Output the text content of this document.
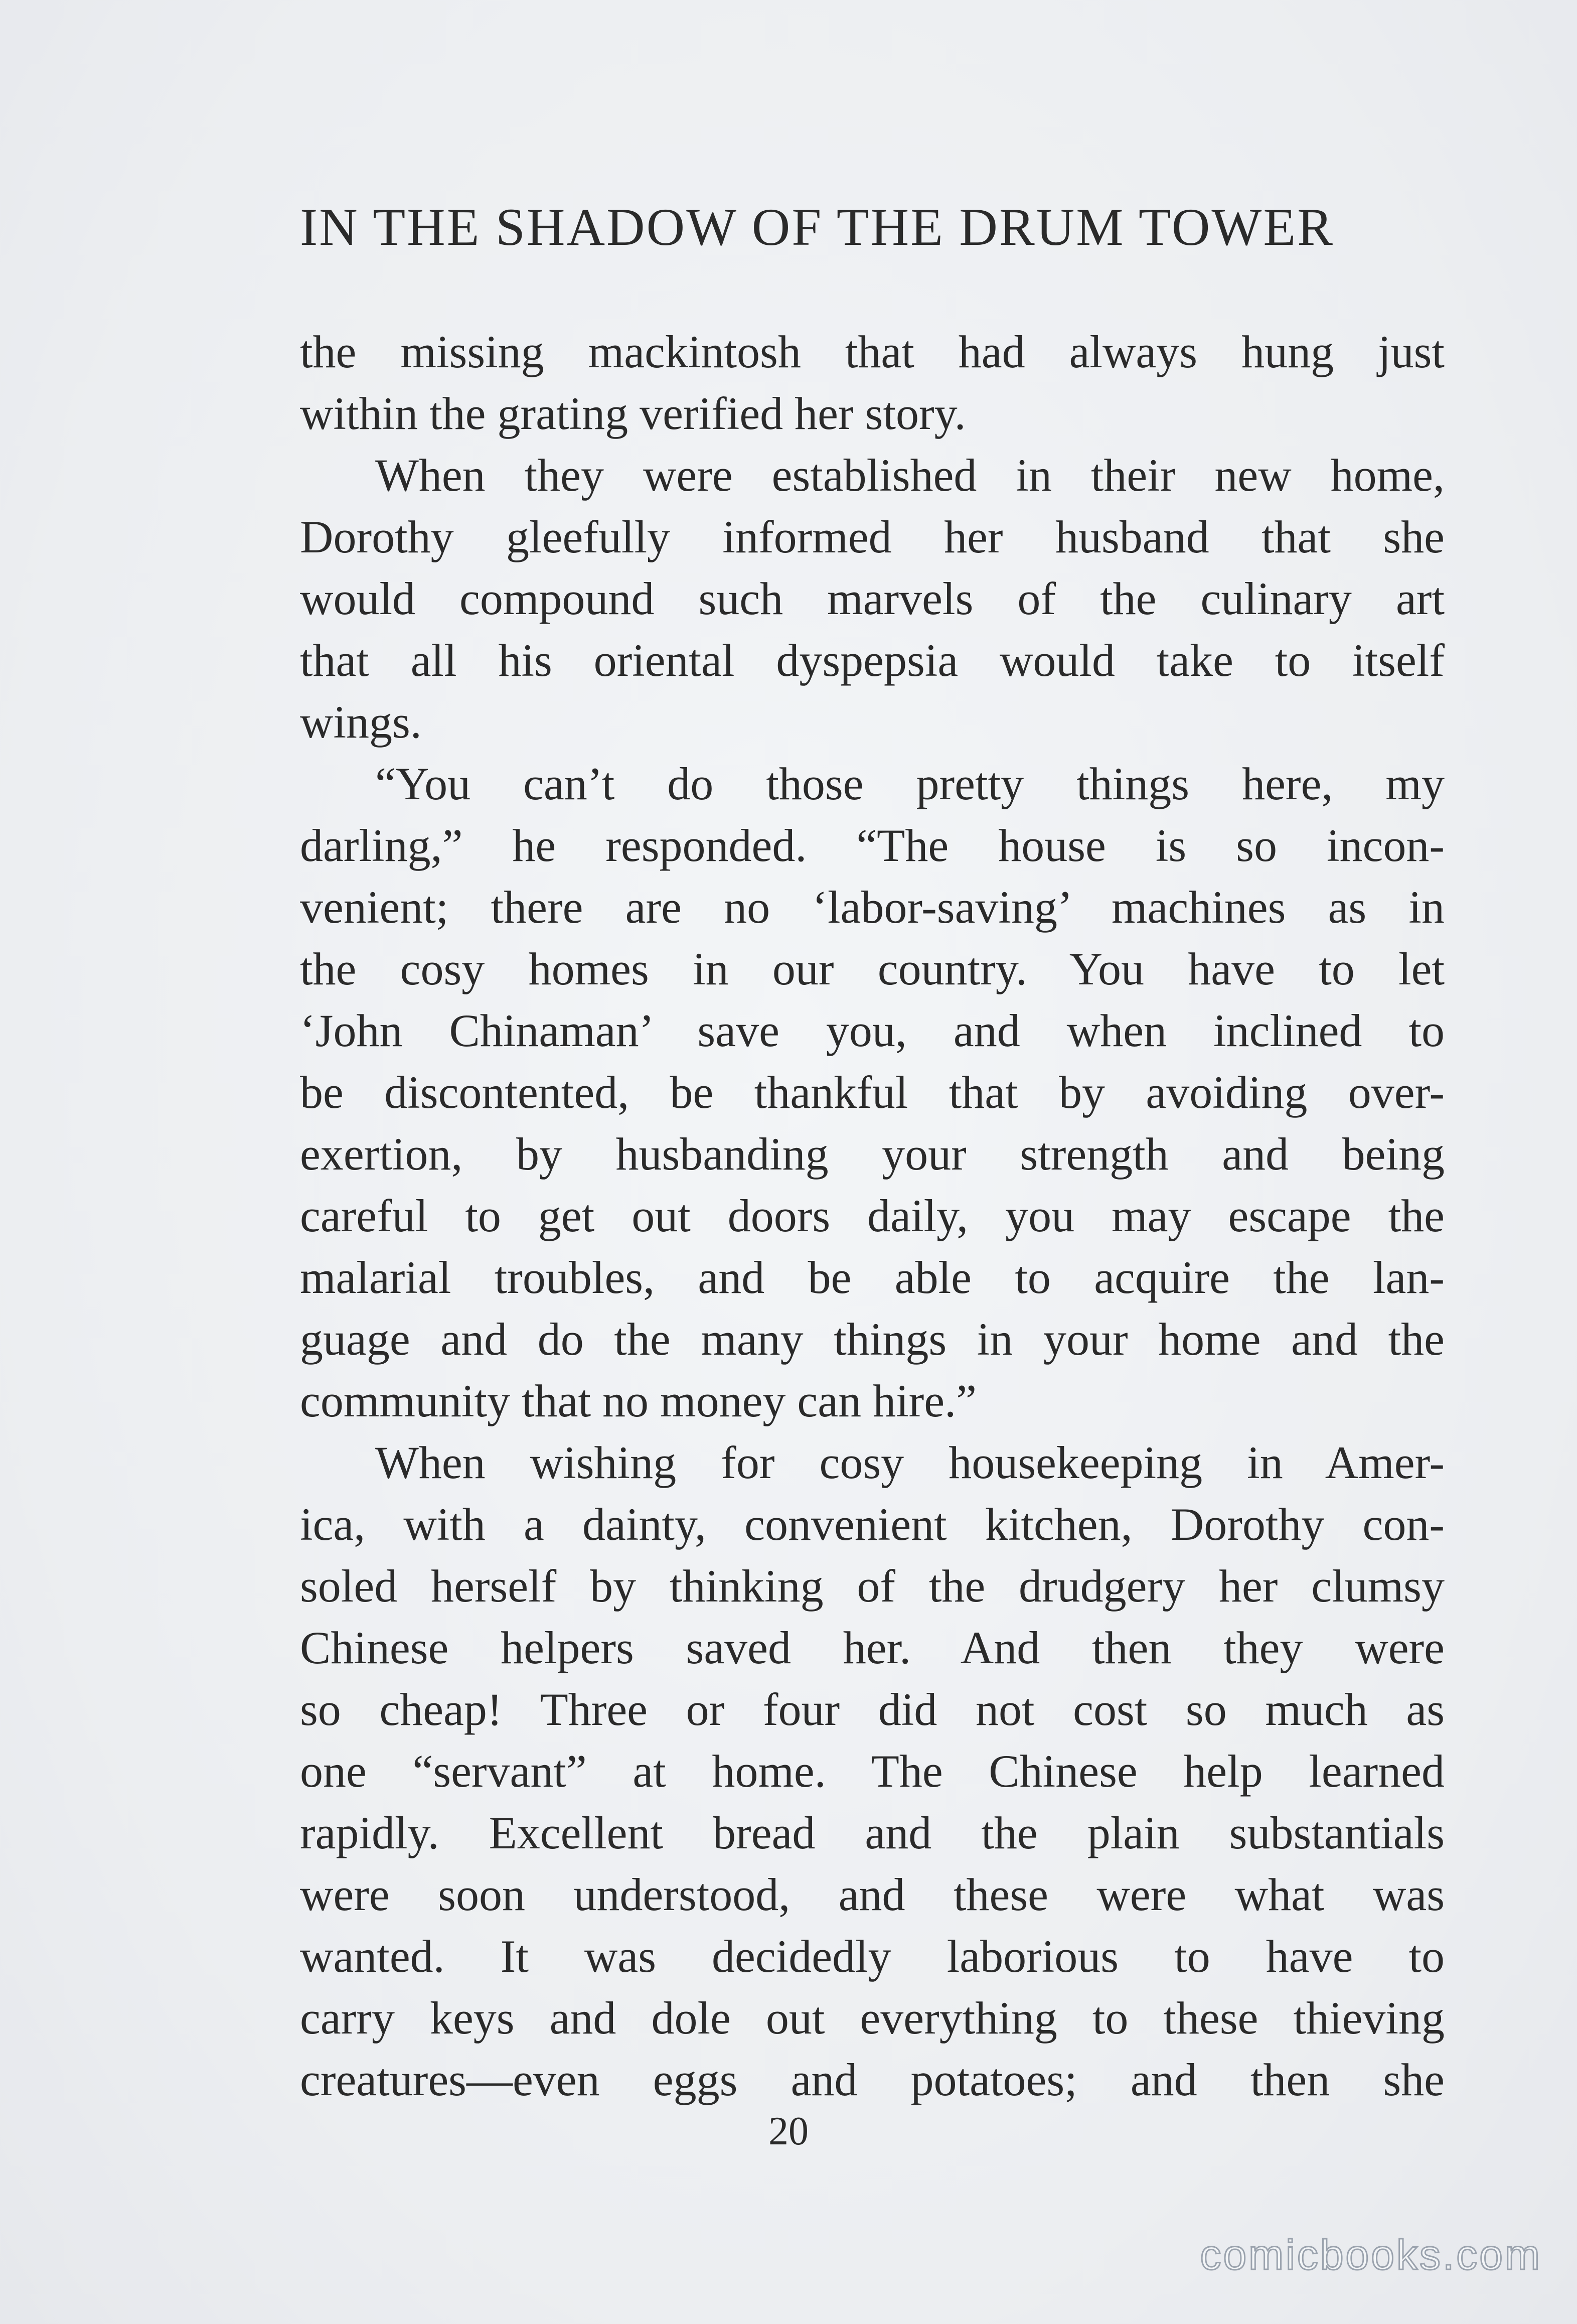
IN THE SHADOW OF THE DRUM TOWER
the missing mackintosh that had always hung just
within the grating verified her story.
When they were established in their new home,
Dorothy gleefully informed her husband that she
would compound such marvels of the culinary art
that all his oriental dyspepsia would take to itself
wings.
“You can’t do those pretty things here, my
darling,” he responded. “The house is so incon-
venient; there are no ‘labor-saving’ machines as in
the cosy homes in our country. You have to let
‘John Chinaman’ save you, and when inclined to
be discontented, be thankful that by avoiding over-
exertion, by husbanding your strength and being
careful to get out doors daily, you may escape the
malarial troubles, and be able to acquire the lan-
guage and do the many things in your home and the
community that no money can hire.”
When wishing for cosy housekeeping in Amer-
ica, with a dainty, convenient kitchen, Dorothy con-
soled herself by thinking of the drudgery her clumsy
Chinese helpers saved her. And then they were
so cheap! Three or four did not cost so much as
one “servant” at home. The Chinese help learned
rapidly. Excellent bread and the plain substantials
were soon understood, and these were what was
wanted. It was decidedly laborious to have to
carry keys and dole out everything to these thieving
creatures—even eggs and potatoes; and then she
20
comicbooks.com
